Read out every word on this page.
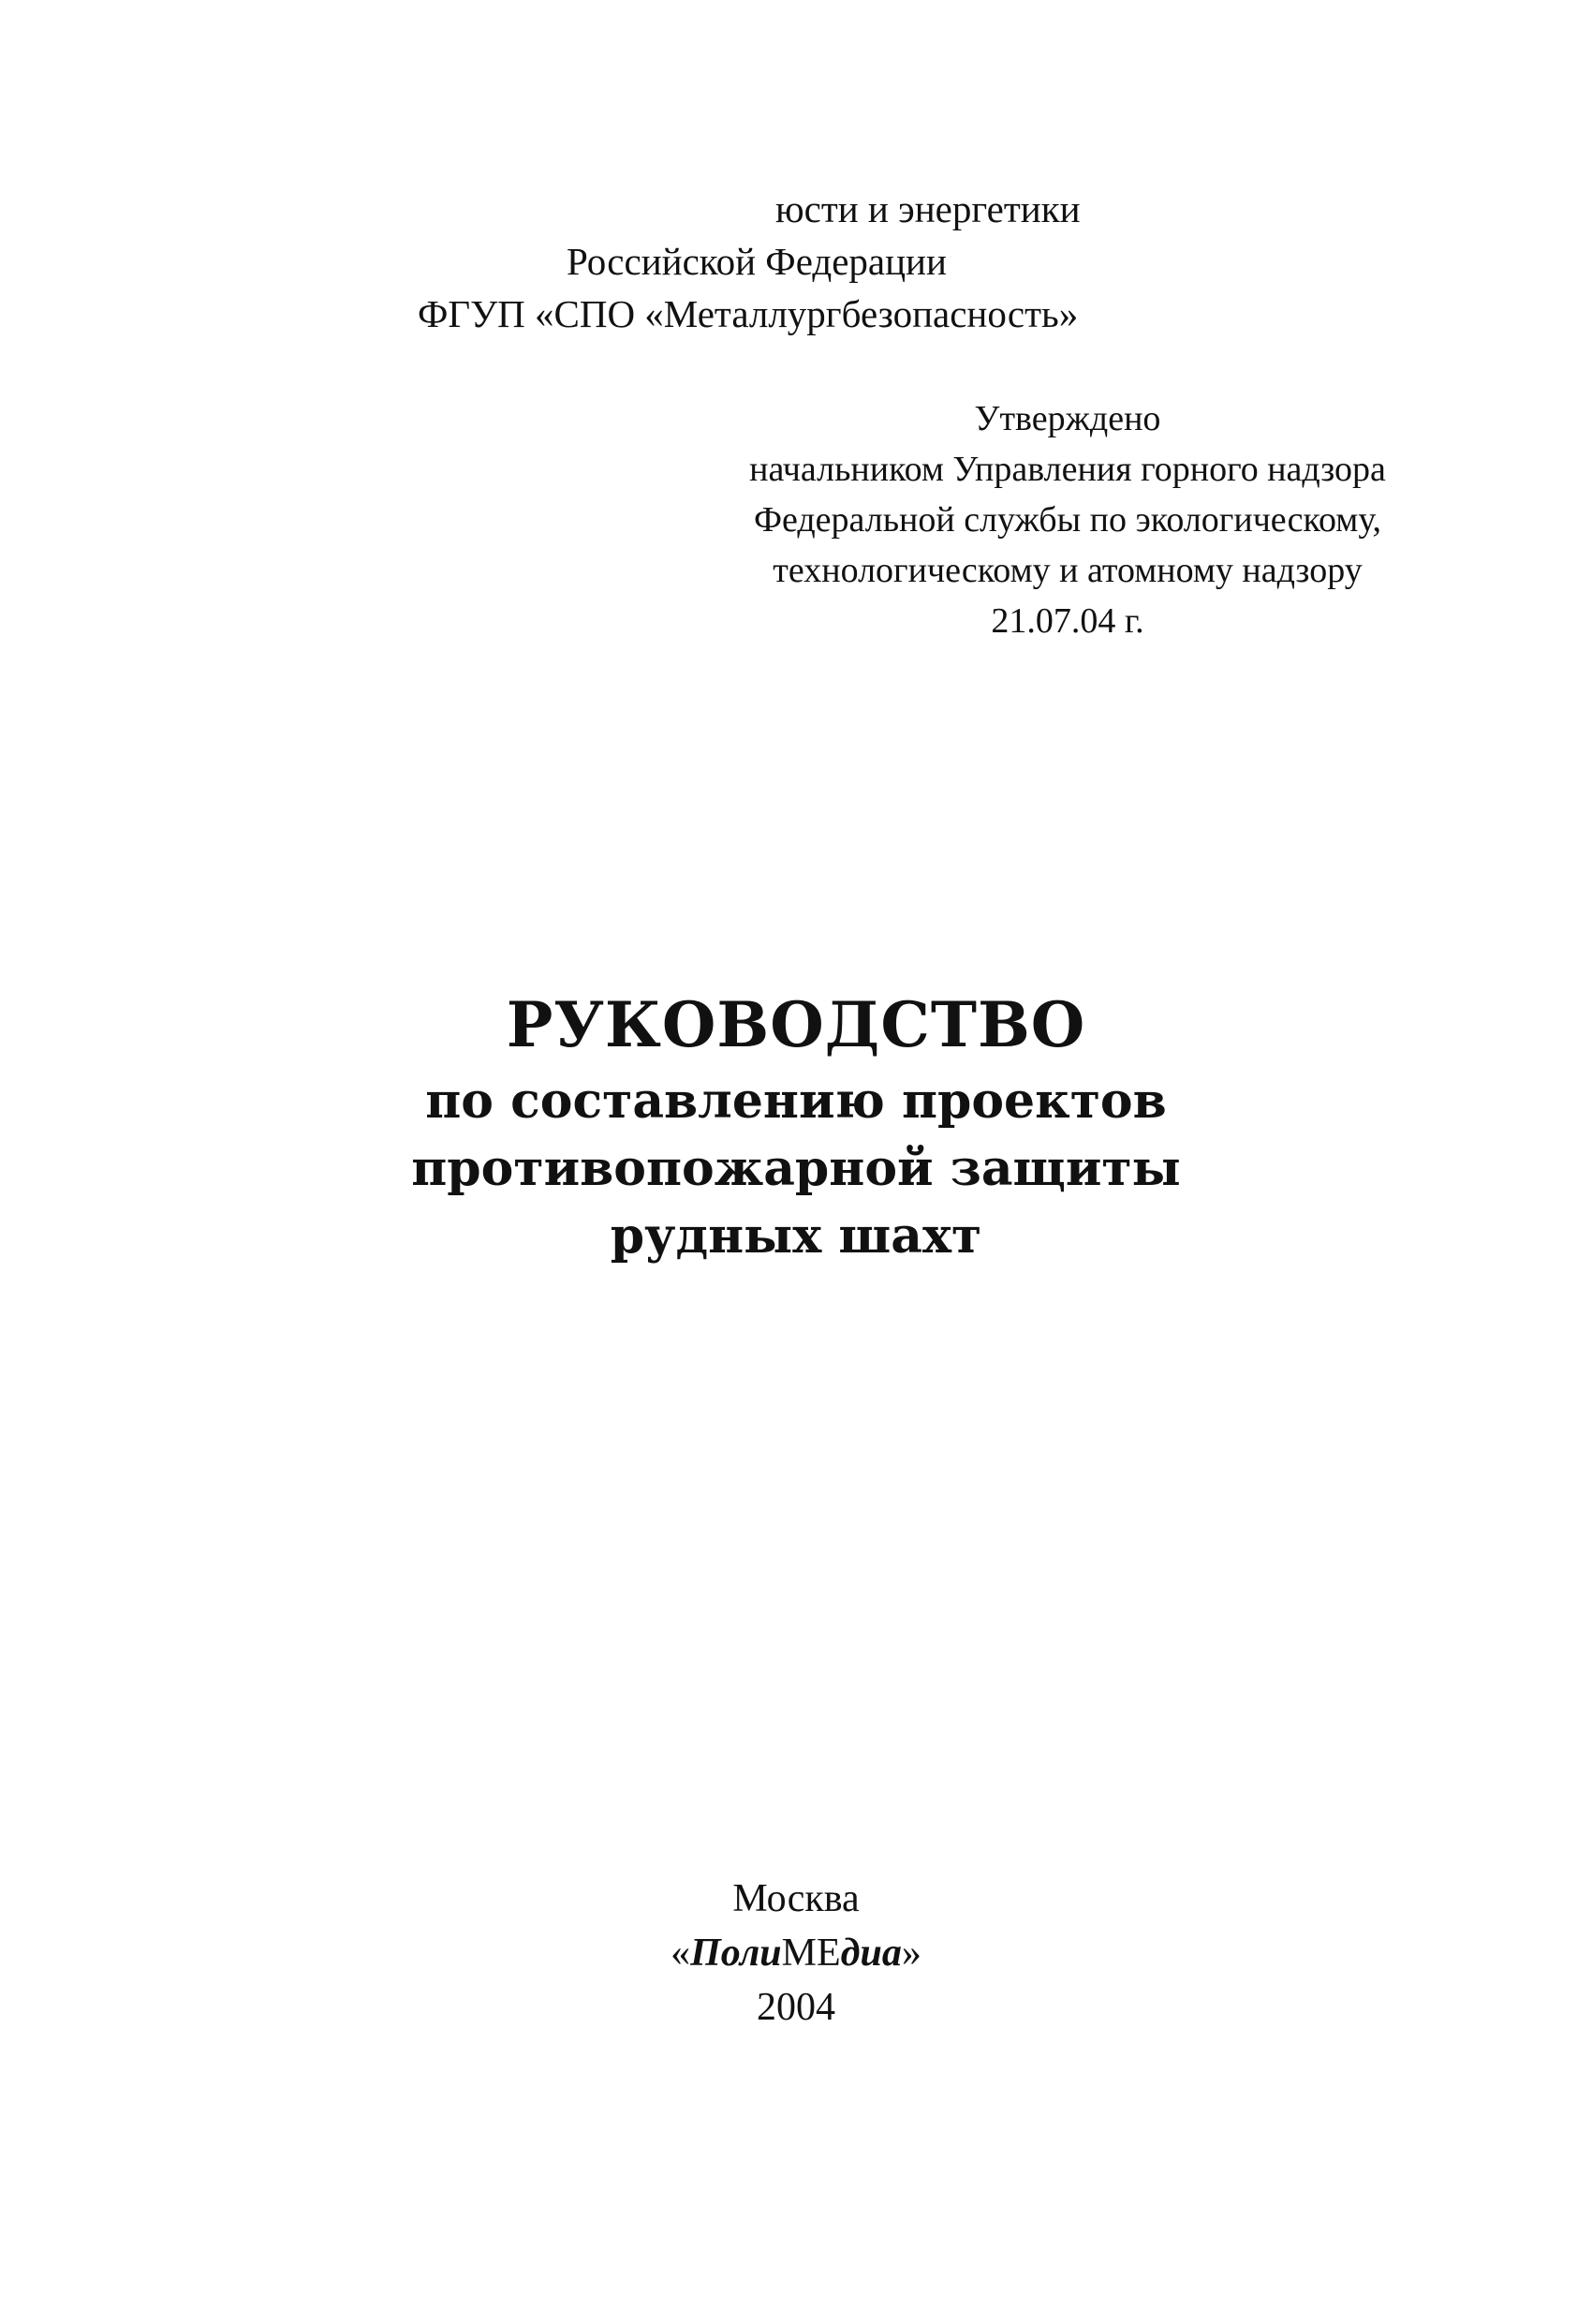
юсти и энергетики
Российской Федерации
ФГУП «СПО «Металлургбезопасность»
Утверждено
начальником Управления горного надзора
Федеральной службы по экологическому,
технологическому и атомному надзору
21.07.04 г.
РУКОВОДСТВО
по составлению проектов
противопожарной защиты
рудных шахт
Москва
«ПолиМЕдиа»
2004
